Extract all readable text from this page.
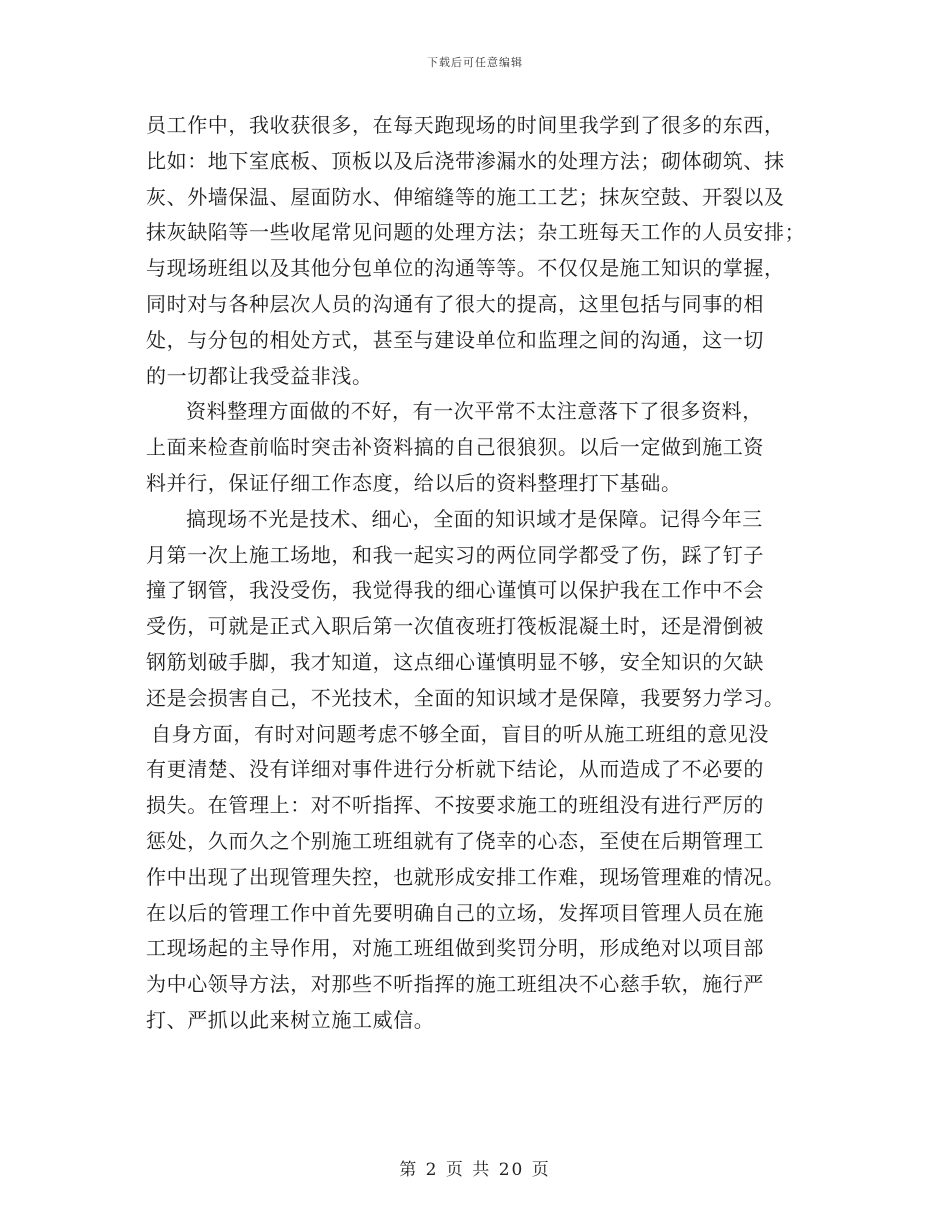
下载后可任意编辑
员工作中，我收获很多，在每天跑现场的时间里我学到了很多的东西，
比如：地下室底板、顶板以及后浇带渗漏水的处理方法；砌体砌筑、抹
灰、外墙保温、屋面防水、伸缩缝等的施工工艺；抹灰空鼓、开裂以及
抹灰缺陷等一些收尾常见问题的处理方法；杂工班每天工作的人员安排；
与现场班组以及其他分包单位的沟通等等。不仅仅是施工知识的掌握，
同时对与各种层次人员的沟通有了很大的提高，这里包括与同事的相
处，与分包的相处方式，甚至与建设单位和监理之间的沟通，这一切
的一切都让我受益非浅。
资料整理方面做的不好，有一次平常不太注意落下了很多资料，
上面来检查前临时突击补资料搞的自己很狼狈。以后一定做到施工资
料并行，保证仔细工作态度，给以后的资料整理打下基础。
搞现场不光是技术、细心，全面的知识域才是保障。记得今年三
月第一次上施工场地，和我一起实习的两位同学都受了伤，踩了钉子
撞了钢管，我没受伤，我觉得我的细心谨慎可以保护我在工作中不会
受伤，可就是正式入职后第一次值夜班打筏板混凝土时，还是滑倒被
钢筋划破手脚，我才知道，这点细心谨慎明显不够，安全知识的欠缺
还是会损害自己，不光技术，全面的知识域才是保障，我要努力学习。
自身方面，有时对问题考虑不够全面，盲目的听从施工班组的意见没
有更清楚、没有详细对事件进行分析就下结论，从而造成了不必要的
损失。在管理上：对不听指挥、不按要求施工的班组没有进行严厉的
惩处，久而久之个别施工班组就有了侥幸的心态，至使在后期管理工
作中出现了出现管理失控，也就形成安排工作难，现场管理难的情况。
在以后的管理工作中首先要明确自己的立场，发挥项目管理人员在施
工现场起的主导作用，对施工班组做到奖罚分明，形成绝对以项目部
为中心领导方法，对那些不听指挥的施工班组决不心慈手软，施行严
打、严抓以此来树立施工威信。
第 2 页 共 20 页
